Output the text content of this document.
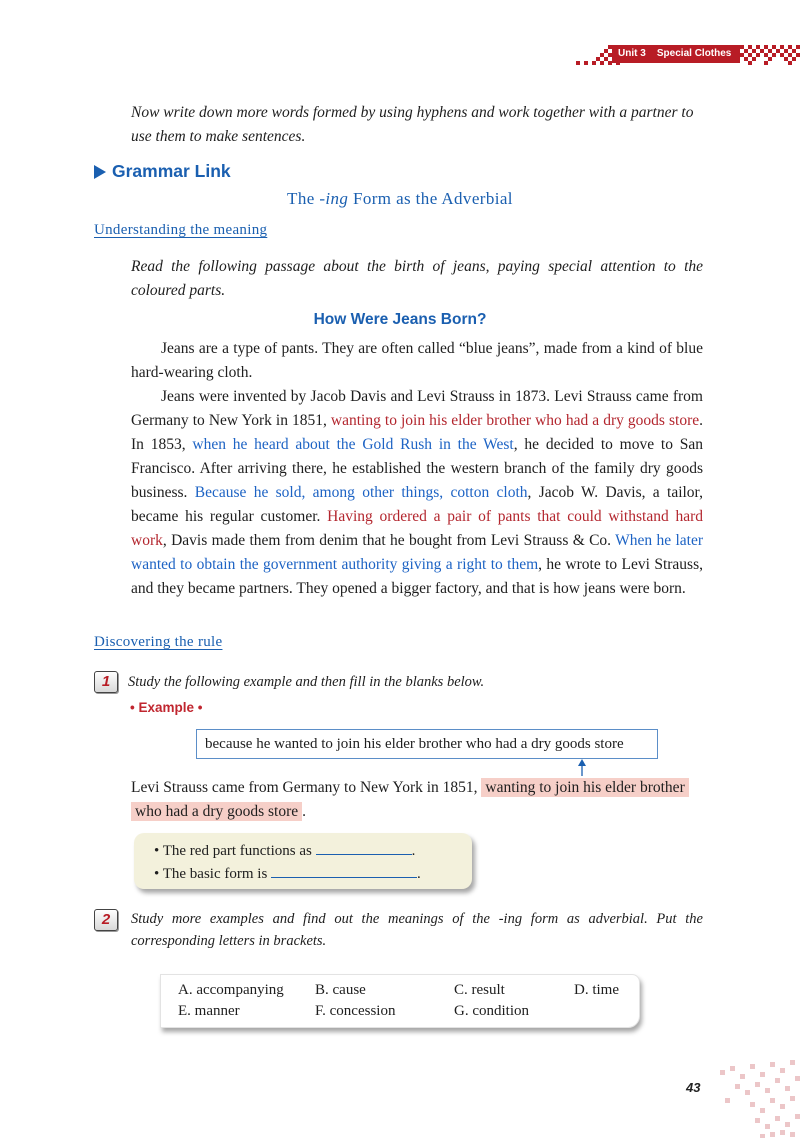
Unit 3    Special Clothes
Now write down more words formed by using hyphens and work together with a partner to use them to make sentences.
Grammar Link
The -ing Form as the Adverbial
Understanding the meaning
Read the following passage about the birth of jeans, paying special attention to the coloured parts.
How Were Jeans Born?

Jeans are a type of pants. They are often called “blue jeans”, made from a kind of blue hard-wearing cloth.

Jeans were invented by Jacob Davis and Levi Strauss in 1873. Levi Strauss came from Germany to New York in 1851, wanting to join his elder brother who had a dry goods store. In 1853, when he heard about the Gold Rush in the West, he decided to move to San Francisco. After arriving there, he established the western branch of the family dry goods business. Because he sold, among other things, cotton cloth, Jacob W. Davis, a tailor, became his regular customer. Having ordered a pair of pants that could withstand hard work, Davis made them from denim that he bought from Levi Strauss & Co. When he later wanted to obtain the government authority giving a right to them, he wrote to Levi Strauss, and they became partners. They opened a bigger factory, and that is how jeans were born.

Discovering the rule
1	Study the following example and then fill in the blanks below.
• Example •
because he wanted to join his elder brother who had a dry goods store
Levi Strauss came from Germany to New York in 1851, wanting to join his elder brother
who had a dry goods store .
• The red part functions as	.
• The basic form is	.
2	Study more examples and find out the meanings of the -ing form as adverbial. Put the corresponding letters in brackets.
A. accompanying B. cause	C. result	D. time
E. manner	F. concession	G. condition
43
